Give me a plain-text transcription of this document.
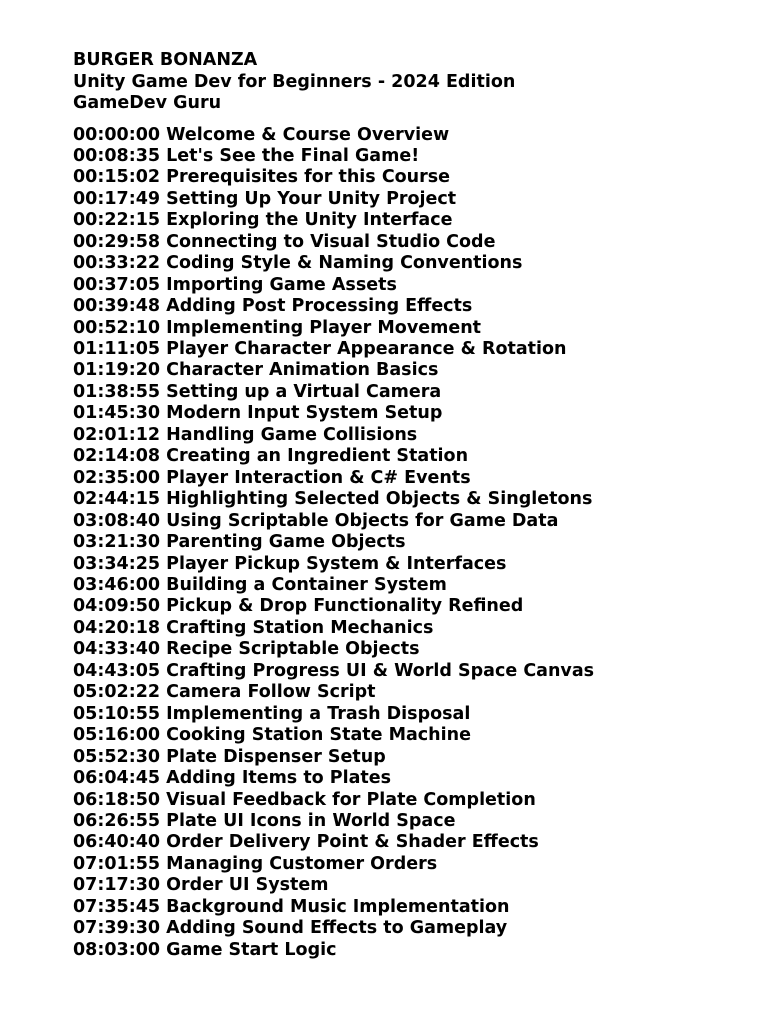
BURGER BONANZA
Unity Game Dev for Beginners - 2024 Edition
GameDev Guru
00:00:00 Welcome & Course Overview
00:08:35 Let's See the Final Game!
00:15:02 Prerequisites for this Course
00:17:49 Setting Up Your Unity Project
00:22:15 Exploring the Unity Interface
00:29:58 Connecting to Visual Studio Code
00:33:22 Coding Style & Naming Conventions
00:37:05 Importing Game Assets
00:39:48 Adding Post Processing Effects
00:52:10 Implementing Player Movement
01:11:05 Player Character Appearance & Rotation
01:19:20 Character Animation Basics
01:38:55 Setting up a Virtual Camera
01:45:30 Modern Input System Setup
02:01:12 Handling Game Collisions
02:14:08 Creating an Ingredient Station
02:35:00 Player Interaction & C# Events
02:44:15 Highlighting Selected Objects & Singletons
03:08:40 Using Scriptable Objects for Game Data
03:21:30 Parenting Game Objects
03:34:25 Player Pickup System & Interfaces
03:46:00 Building a Container System
04:09:50 Pickup & Drop Functionality Refined
04:20:18 Crafting Station Mechanics
04:33:40 Recipe Scriptable Objects
04:43:05 Crafting Progress UI & World Space Canvas
05:02:22 Camera Follow Script
05:10:55 Implementing a Trash Disposal
05:16:00 Cooking Station State Machine
05:52:30 Plate Dispenser Setup
06:04:45 Adding Items to Plates
06:18:50 Visual Feedback for Plate Completion
06:26:55 Plate UI Icons in World Space
06:40:40 Order Delivery Point & Shader Effects
07:01:55 Managing Customer Orders
07:17:30 Order UI System
07:35:45 Background Music Implementation
07:39:30 Adding Sound Effects to Gameplay
08:03:00 Game Start Logic
